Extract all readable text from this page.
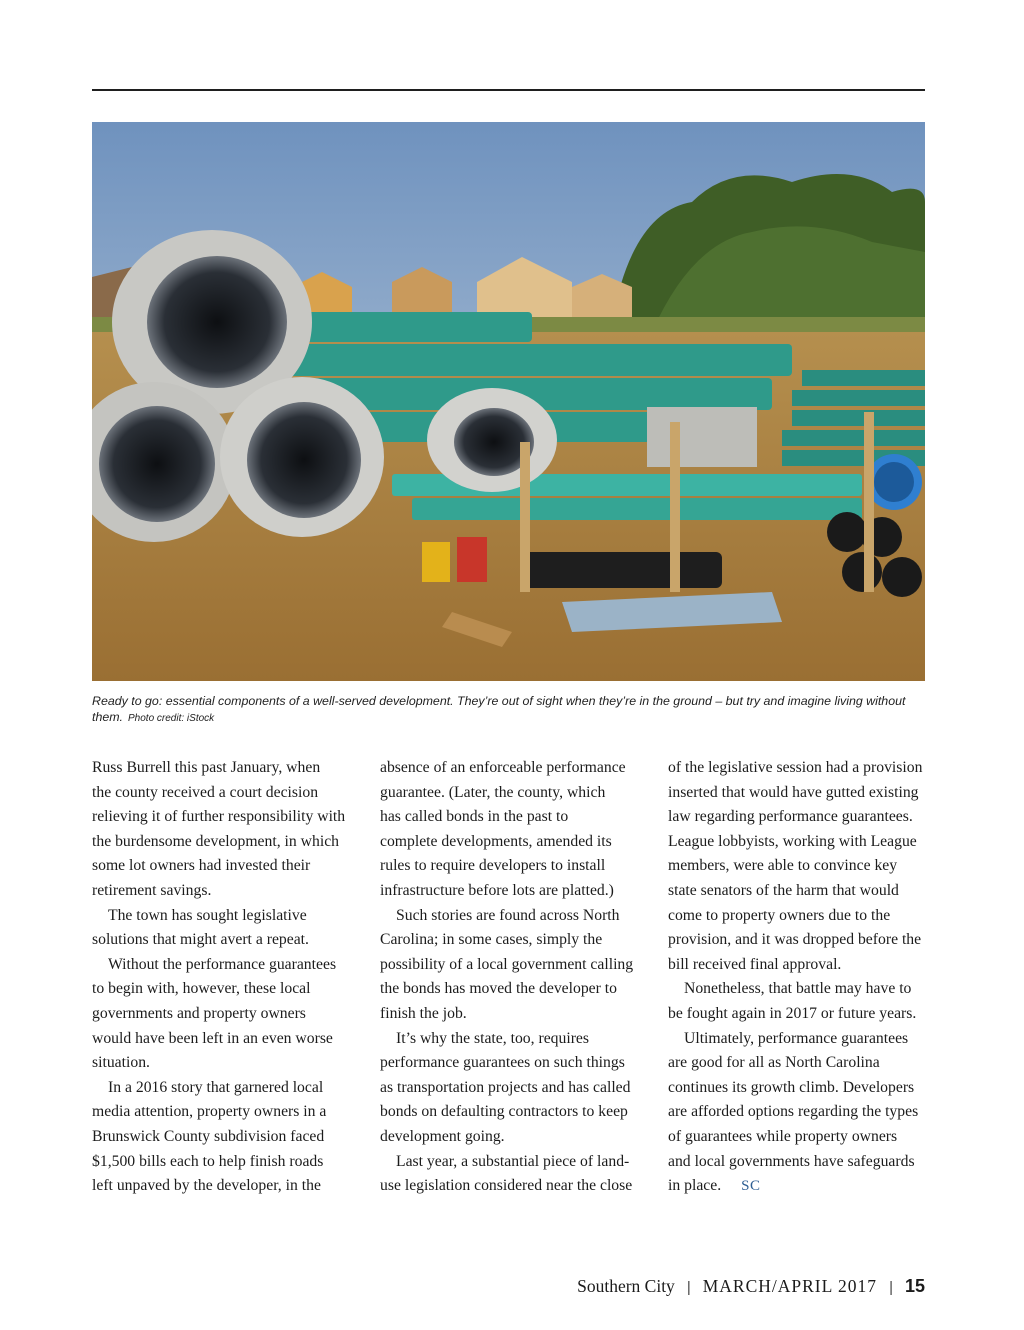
Ready to go: essential components of a well-served development. They’re out of sight when they’re in the ground – but try and imagine living without them. Photo credit: iStock

Russ Burrell this past January, when

the county received a court decision

relieving it of further responsibility with

the burdensome development, in which

some lot owners had invested their

retirement savings.

The town has sought legislative

solutions that might avert a repeat.

Without the performance guarantees

to begin with, however, these local

governments and property owners

would have been left in an even worse

situation.

In a 2016 story that garnered local

media attention, property owners in a

Brunswick County subdivision faced

$1,500 bills each to help finish roads

left unpaved by the developer, in the

absence of an enforceable performance

guarantee. (Later, the county, which

has called bonds in the past to

complete developments, amended its

rules to require developers to install

infrastructure before lots are platted.)

Such stories are found across North

Carolina; in some cases, simply the

possibility of a local government calling

the bonds has moved the developer to

finish the job.

It’s why the state, too, requires

performance guarantees on such things

as transportation projects and has called

bonds on defaulting contractors to keep

development going.

Last year, a substantial piece of land-

use legislation considered near the close

of the legislative session had a provision

inserted that would have gutted existing

law regarding performance guarantees.

League lobbyists, working with League

members, were able to convince key

state senators of the harm that would

come to property owners due to the

provision, and it was dropped before the

bill received final approval.

Nonetheless, that battle may have to

be fought again in 2017 or future years.

Ultimately, performance guarantees

are good for all as North Carolina

continues its growth climb. Developers

are afforded options regarding the types

of guarantees while property owners

and local governments have safeguards

in place. SC

Southern City | MARCH/APRIL 2017 | 15
